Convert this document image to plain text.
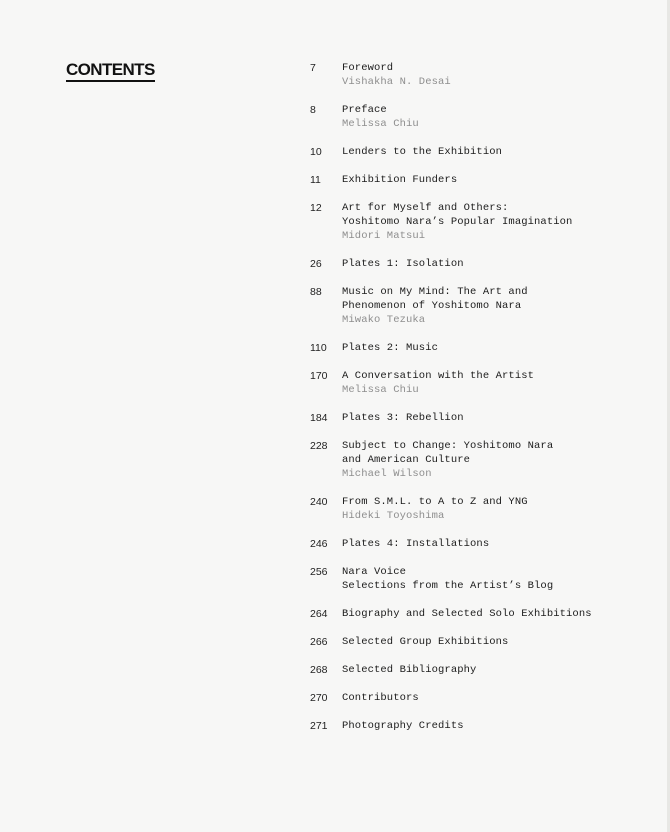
CONTENTS	7	Foreword
Vishakha N. Desai
8	Preface
Melissa Chiu
10	Lenders to the Exhibition
11	Exhibition Funders
12	Art for Myself and Others:
Yoshitomo Nara’s Popular Imagination
Midori Matsui
26	Plates 1: Isolation
88	Music on My Mind: The Art and
Phenomenon of Yoshitomo Nara
Miwako Tezuka
110	Plates 2: Music
170	A Conversation with the Artist
Melissa Chiu
184	Plates 3: Rebellion
228	Subject to Change: Yoshitomo Nara
and American Culture
Michael Wilson
240	From S.M.L. to A to Z and YNG
Hideki Toyoshima
246	Plates 4: Installations
256	Nara Voice
Selections from the Artist’s Blog
264	Biography and Selected Solo Exhibitions
266	Selected Group Exhibitions
268	Selected Bibliography
270	Contributors
271	Photography Credits
